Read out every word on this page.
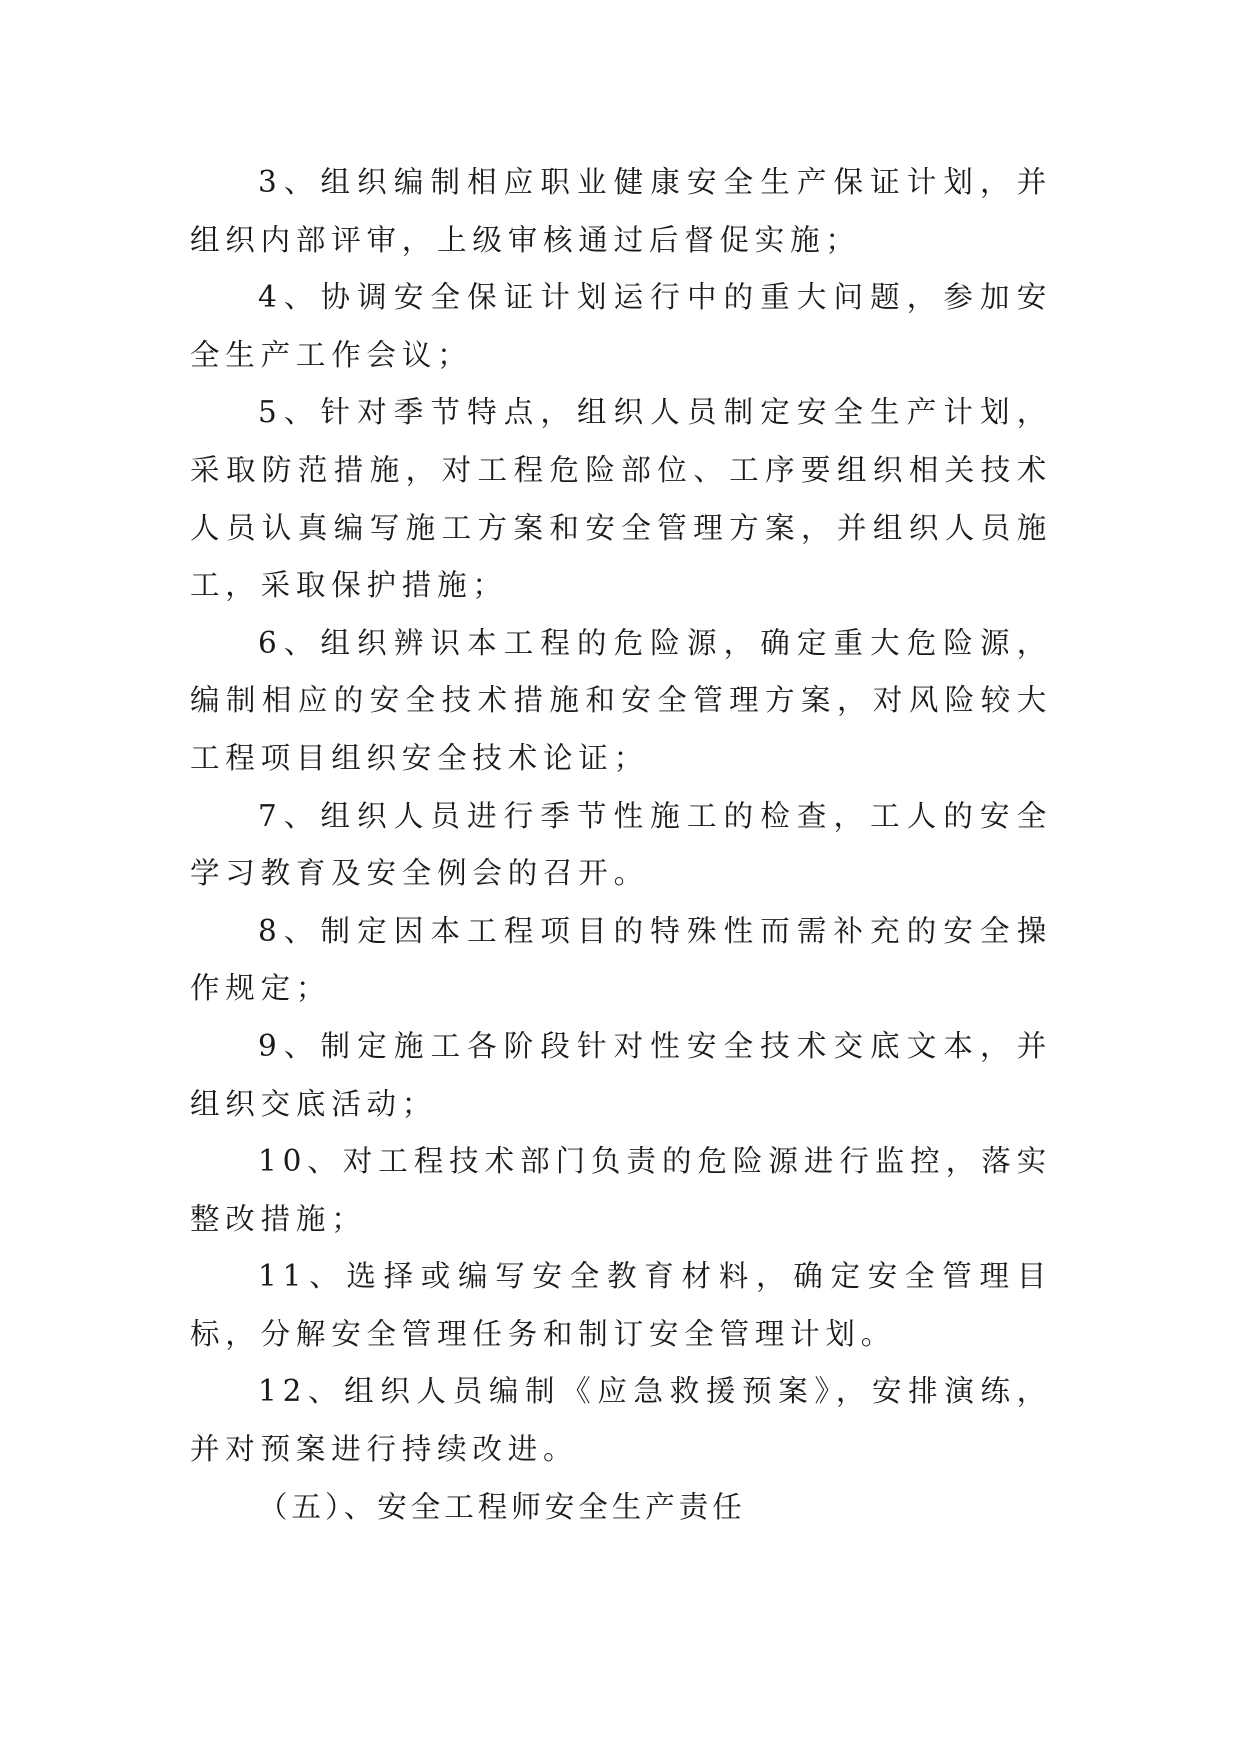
3、组织编制相应职业健康安全生产保证计划，并组织内部评审，上级审核通过后督促实施；

4、协调安全保证计划运行中的重大问题，参加安全生产工作会议；

5、针对季节特点，组织人员制定安全生产计划，采取防范措施，对工程危险部位、工序要组织相关技术人员认真编写施工方案和安全管理方案，并组织人员施工，采取保护措施；

6、组织辨识本工程的危险源，确定重大危险源，编制相应的安全技术措施和安全管理方案，对风险较大工程项目组织安全技术论证；

7、组织人员进行季节性施工的检查，工人的安全学习教育及安全例会的召开。

8、制定因本工程项目的特殊性而需补充的安全操作规定；

9、制定施工各阶段针对性安全技术交底文本，并组织交底活动；

10、对工程技术部门负责的危险源进行监控，落实整改措施；

11、选择或编写安全教育材料，确定安全管理目标，分解安全管理任务和制订安全管理计划。

12、组织人员编制《应急救援预案》，安排演练，并对预案进行持续改进。

（五）、安全工程师安全生产责任
